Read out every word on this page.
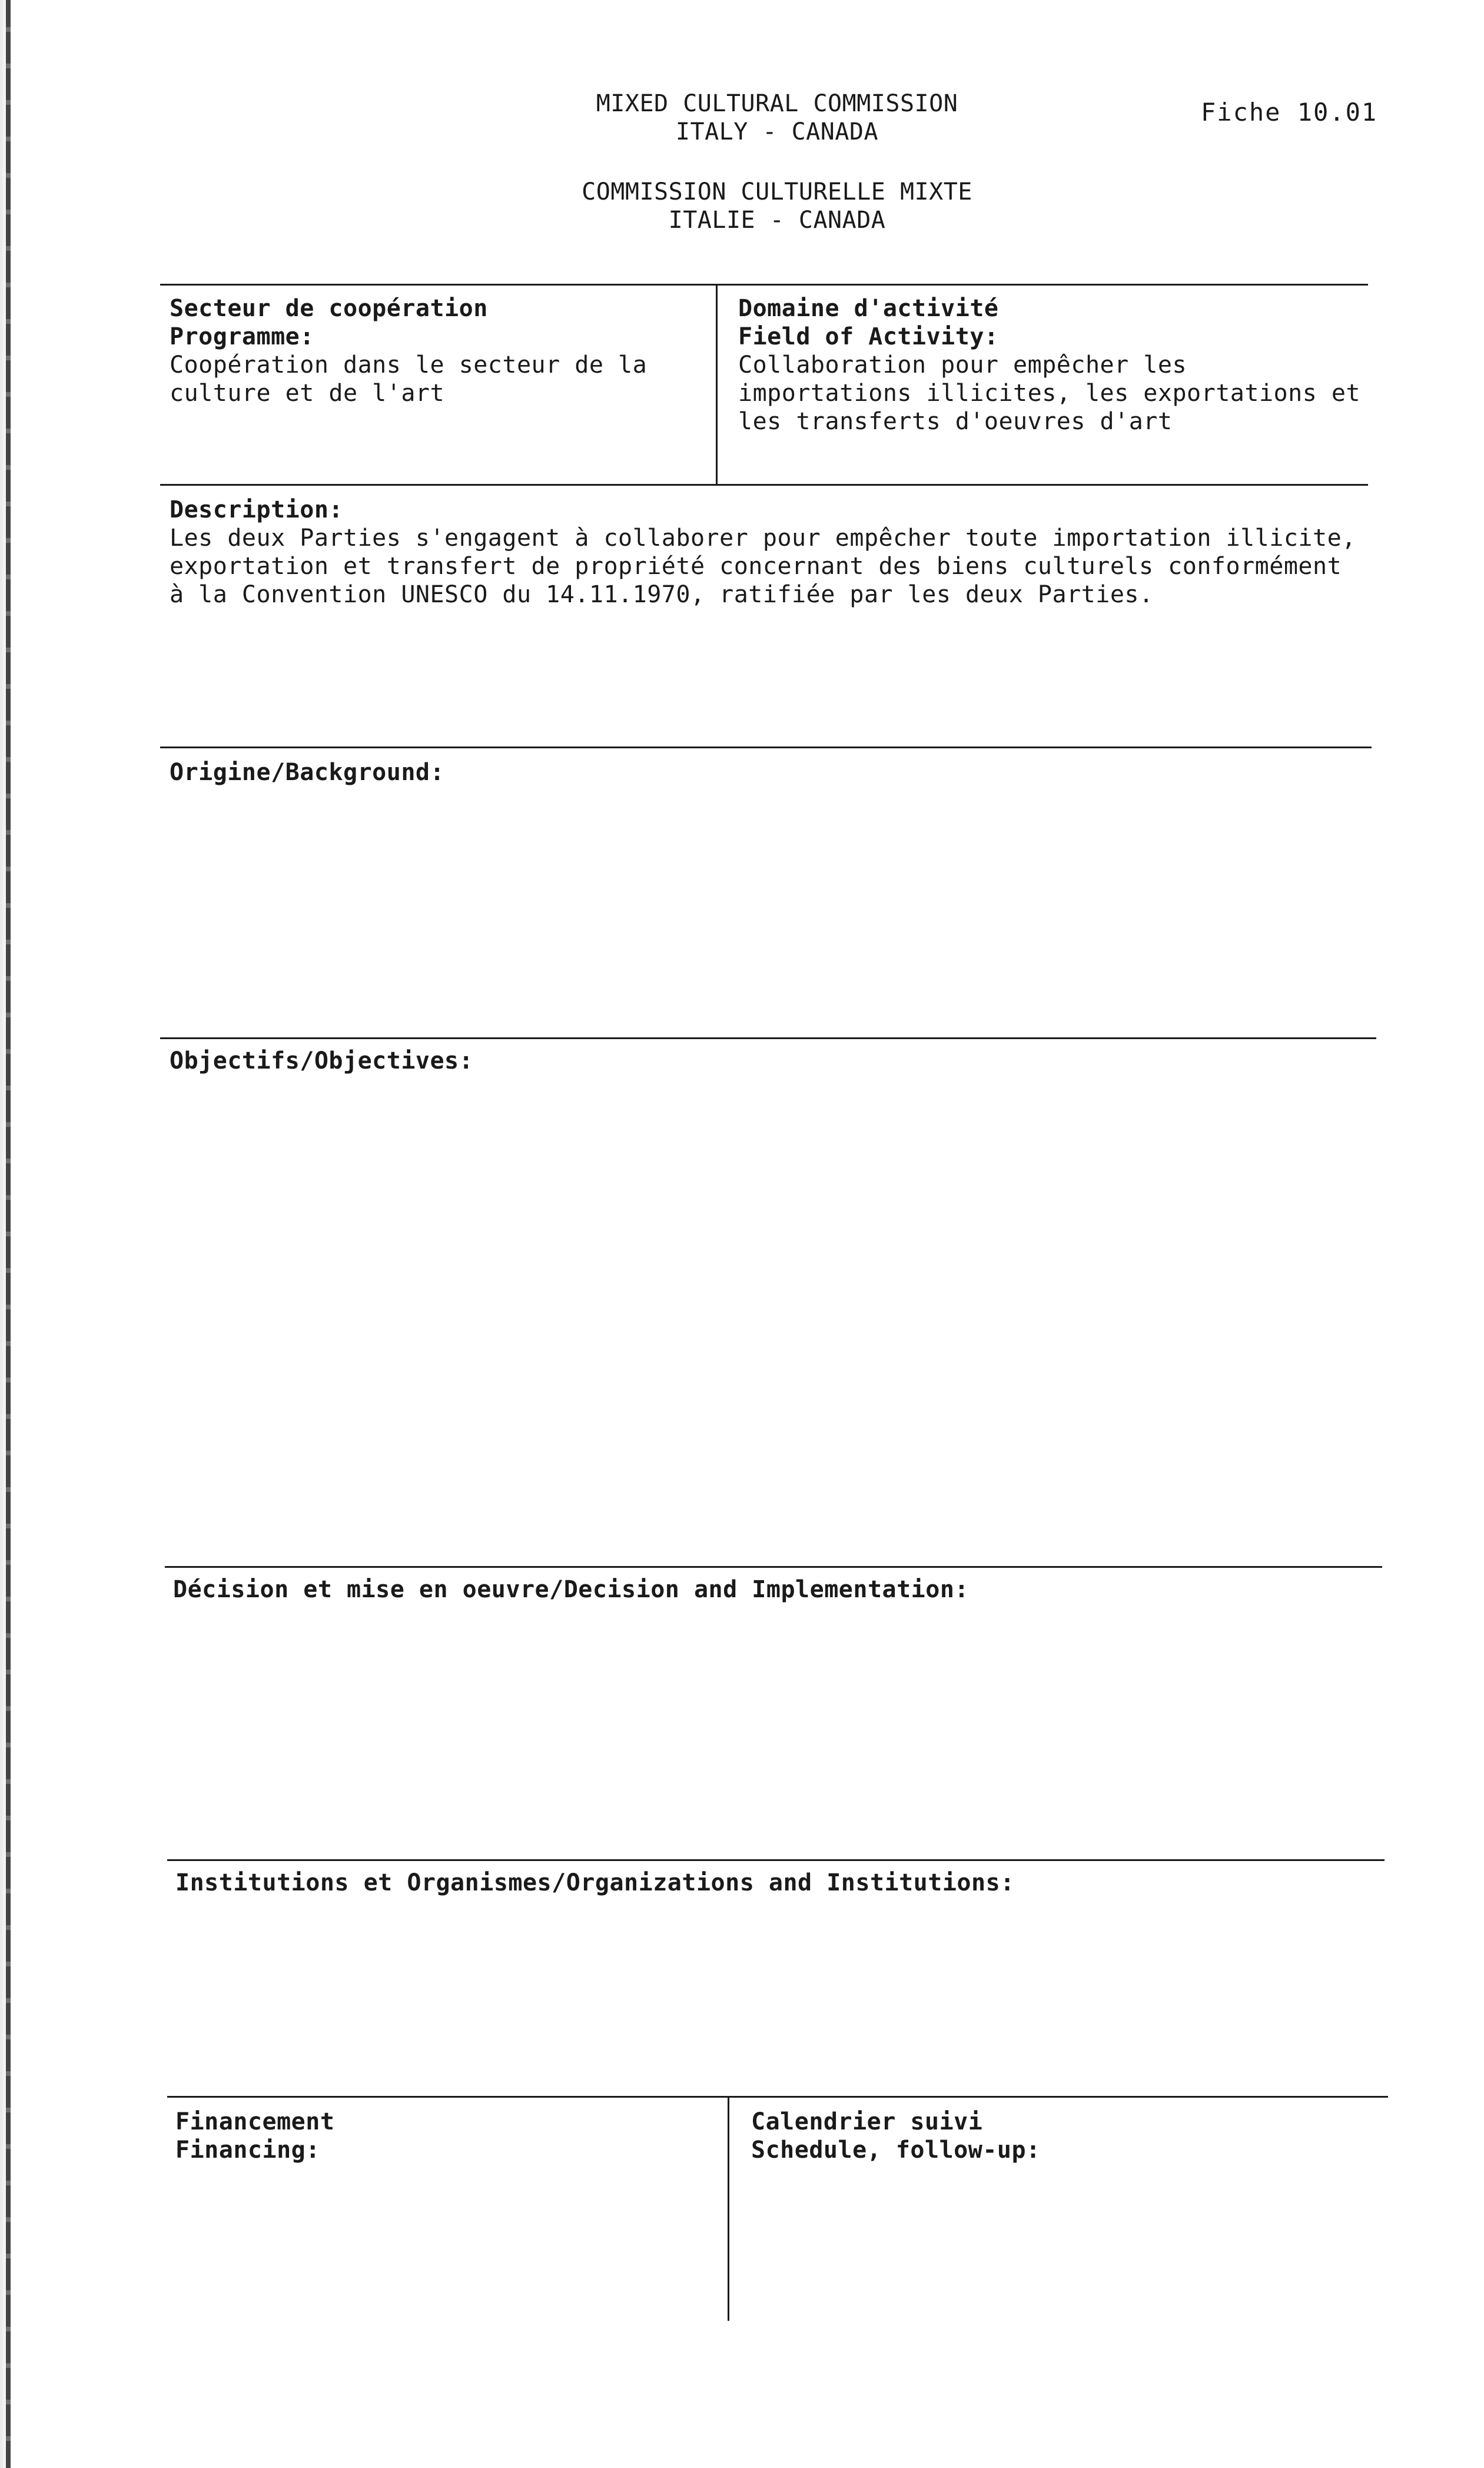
MIXED CULTURAL COMMISSION
ITALY - CANADA
COMMISSION CULTURELLE MIXTE
ITALIE - CANADA
Fiche 10.01
Secteur de coopération
Programme:
Coopération dans le secteur de la
culture et de l'art
Domaine d'activité
Field of Activity:
Collaboration pour empêcher les
importations illicites, les exportations et
les transferts d'oeuvres d'art
Description:
Les deux Parties s'engagent à collaborer pour empêcher toute importation illicite,
exportation et transfert de propriété concernant des biens culturels conformément
à la Convention UNESCO du 14.11.1970, ratifiée par les deux Parties.
Origine/Background:
Objectifs/Objectives:
Décision et mise en oeuvre/Decision and Implementation:
Institutions et Organismes/Organizations and Institutions:
Financement
Financing:
Calendrier suivi
Schedule, follow-up:
